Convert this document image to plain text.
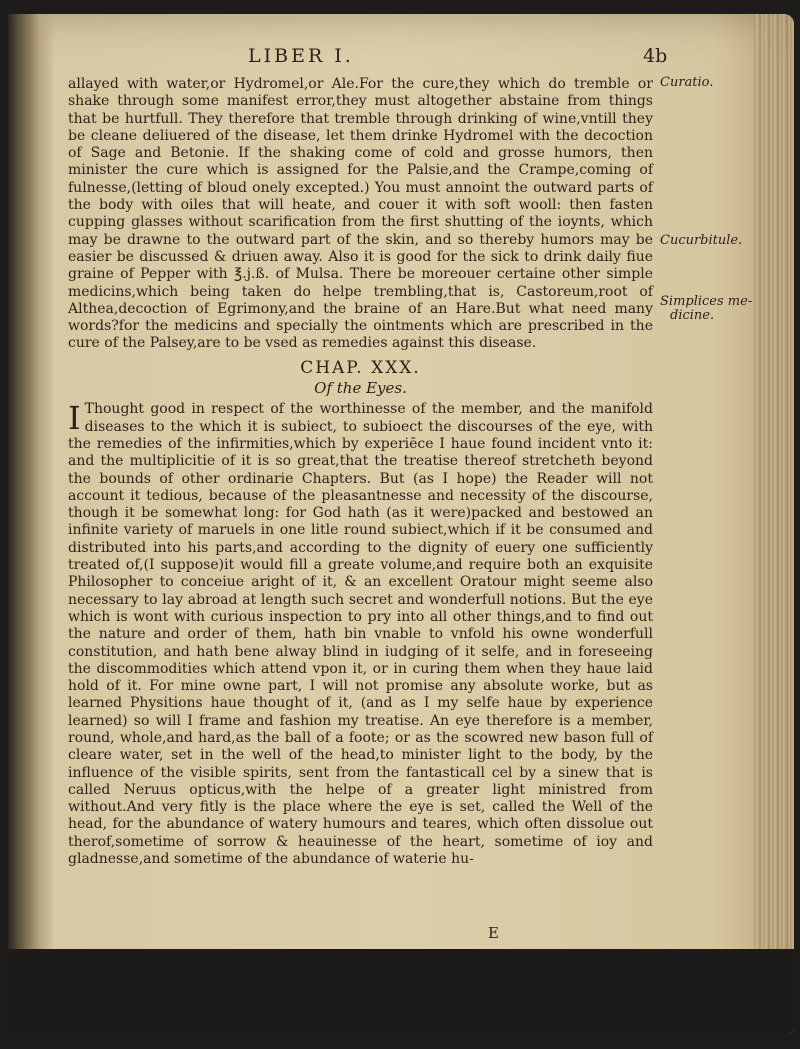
LIBER I.	4b
Curatio.
Cucurbitule.
Simplices me-
dicine.

allayed with water,or Hydromel,or Ale.For the cure,they which do tremble or shake through some manifest error,they must altogether abstaine from things that be hurtfull. They therefore that tremble through drinking of wine,vntill they be cleane deliuered of the disease, let them drinke Hydromel with the decoction of Sage and Betonie. If the shaking come of cold and grosse humors, then minister the cure which is assigned for the Palsie,and the Crampe,coming of fulnesse,(letting of bloud onely excepted.) You must annoint the outward parts of the body with oiles that will heate, and couer it with soft wooll: then fasten cupping glasses without scarification from the first shutting of the ioynts, which may be drawne to the outward part of the skin, and so thereby humors may be easier be discussed & driuen away. Also it is good for the sick to drink daily fiue graine of Pepper with ℥.j.ß. of Mulsa. There be moreouer certaine other simple medicins,which being taken do helpe trembling,that is, Castoreum,root of Althea,decoction of Egrimony,and the braine of an Hare.But what need many words?for the medicins and specially the ointments which are prescribed in the cure of the Palsey,are to be vsed as remedies against this disease.

CHAP. XXX.
Of the Eyes.

I Thought good in respect of the worthinesse of the member, and the manifold diseases to the which it is subiect, to subioect the discourses of the eye, with the remedies of the infirmities,which by experiēce I haue found incident vnto it: and the multiplicitie of it is so great,that the treatise thereof stretcheth beyond the bounds of other ordinarie Chapters. But (as I hope) the Reader will not account it tedious, because of the pleasantnesse and necessity of the discourse, though it be somewhat long: for God hath (as it were)packed and bestowed an infinite variety of maruels in one litle round subiect,which if it be consumed and distributed into his parts,and according to the dignity of euery one sufficiently treated of,(I suppose)it would fill a greate volume,and require both an exquisite Philosopher to conceiue aright of it, & an excellent Oratour might seeme also necessary to lay abroad at length such secret and wonderfull notions. But the eye which is wont with curious inspection to pry into all other things,and to find out the nature and order of them, hath bin vnable to vnfold his owne wonderfull constitution, and hath bene alway blind in iudging of it selfe, and in foreseeing the discommodities which attend vpon it, or in curing them when they haue laid hold of it. For mine owne part, I will not promise any absolute worke, but as learned Physitions haue thought of it, (and as I my selfe haue by experience learned) so will I frame and fashion my treatise. An eye therefore is a member, round, whole,and hard,as the ball of a foote; or as the scowred new bason full of cleare water, set in the well of the head,to minister light to the body, by the influence of the visible spirits, sent from the fantasticall cel by a sinew that is called Neruus opticus,with the helpe of a greater light ministred from without.And very fitly is the place where the eye is set, called the Well of the head, for the abundance of watery humours and teares, which often dissolue out therof,sometime of sorrow & heauinesse of the heart, sometime of ioy and gladnesse,and sometime of the abundance of waterie hu-

E
